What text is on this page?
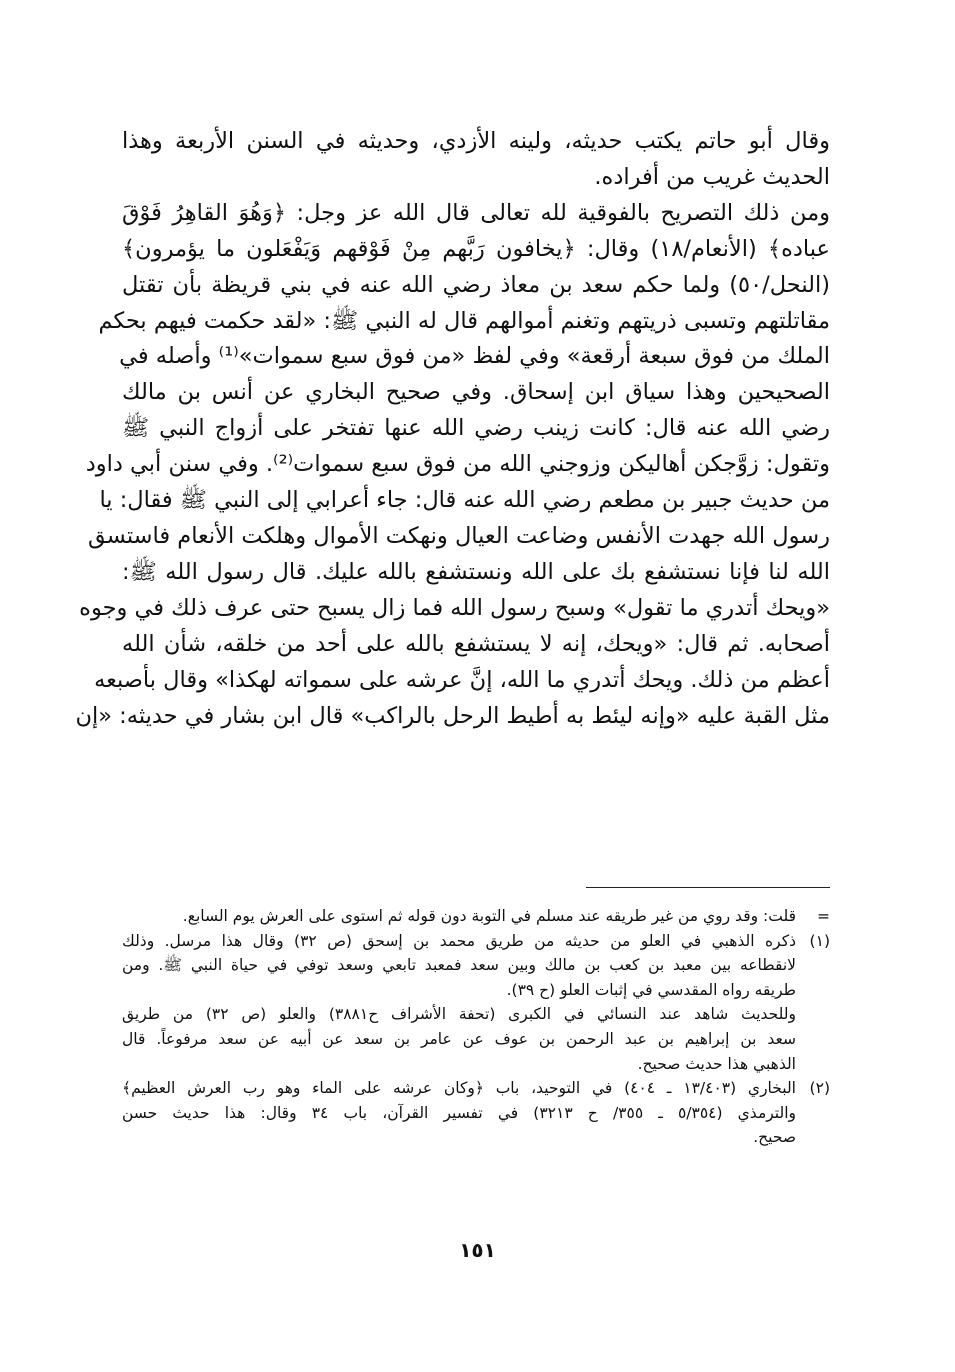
وقال أبو حاتم يكتب حديثه، ولينه الأزدي، وحديثه في السنن الأربعة وهذا
الحديث غريب من أفراده.
ومن ذلك التصريح بالفوقية لله تعالى قال الله عز وجل: ﴿وَهُوَ القاهِرُ فَوْقَ
عباده﴾ (الأنعام/١٨) وقال: ﴿يخافون رَبَّهم مِنْ فَوْقهم وَيَفْعَلون ما يؤمرون﴾
(النحل/٥٠) ولما حكم سعد بن معاذ رضي الله عنه في بني قريظة بأن تقتل
مقاتلتهم وتسبى ذريتهم وتغنم أموالهم قال له النبي ﷺ: «لقد حكمت فيهم بحكم
الملك من فوق سبعة أرقعة» وفي لفظ «من فوق سبع سموات»⁽¹⁾ وأصله في
الصحيحين وهذا سياق ابن إسحاق. وفي صحيح البخاري عن أنس بن مالك
رضي الله عنه قال: كانت زينب رضي الله عنها تفتخر على أزواج النبي ﷺ
وتقول: زوَّجكن أهاليكن وزوجني الله من فوق سبع سموات⁽²⁾. وفي سنن أبي داود
من حديث جبير بن مطعم رضي الله عنه قال: جاء أعرابي إلى النبي ﷺ فقال: يا
رسول الله جهدت الأنفس وضاعت العيال ونهكت الأموال وهلكت الأنعام فاستسق
الله لنا فإنا نستشفع بك على الله ونستشفع بالله عليك. قال رسول الله ﷺ:
«ويحك أتدري ما تقول» وسبح رسول الله فما زال يسبح حتى عرف ذلك في وجوه
أصحابه. ثم قال: «ويحك، إنه لا يستشفع بالله على أحد من خلقه، شأن الله
أعظم من ذلك. ويحك أتدري ما الله، إنَّ عرشه على سمواته لهكذا» وقال بأصبعه
مثل القبة عليه «وإنه ليئط به أطيط الرحل بالراكب» قال ابن بشار في حديثه: «إن
=
قلت: وقد روي من غير طريقه عند مسلم في التوبة دون قوله ثم استوى على العرش يوم السابع.
(١)
ذكره الذهبي في العلو من حديثه من طريق محمد بن إسحق (ص ٣٢) وقال هذا مرسل. وذلك
لانقطاعه بين معبد بن كعب بن مالك وبين سعد فمعبد تابعي وسعد توفي في حياة النبي ﷺ. ومن
طريقه رواه المقدسي في إثبات العلو (ح ٣٩).
وللحديث شاهد عند النسائي في الكبرى (تحفة الأشراف ح٣٨٨١) والعلو (ص ٣٢) من طريق
سعد بن إبراهيم بن عبد الرحمن بن عوف عن عامر بن سعد عن أبيه عن سعد مرفوعاً. قال
الذهبي هذا حديث صحيح.
(٢)
البخاري (١٣/٤٠٣ ـ ٤٠٤) في التوحيد، باب ﴿وكان عرشه على الماء وهو رب العرش العظيم﴾
والترمذي (٥/٣٥٤ ـ ٣٥٥/ ح ٣٢١٣) في تفسير القرآن، باب ٣٤ وقال: هذا حديث حسن
صحيح.
١٥١
